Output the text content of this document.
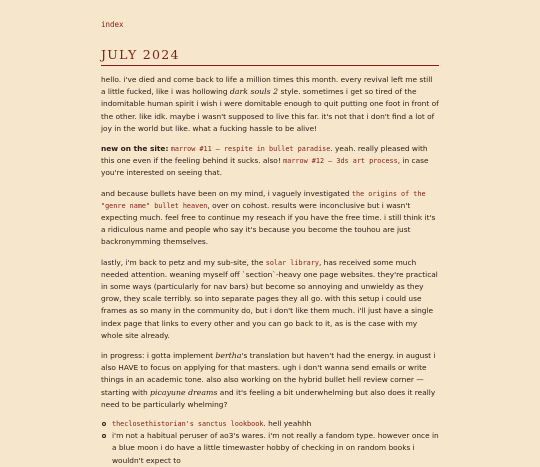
index
JULY 2024

hello. i've died and come back to life a million times this month. every revival left me still a little fucked, like i was hollowing dark souls 2 style. sometimes i get so tired of the indomitable human spirit i wish i were domitable enough to quit putting one foot in front of the other. like idk. maybe i wasn't supposed to live this far. it's not that i don't find a lot of joy in the world but like. what a fucking hassle to be alive!

new on the site: marrow #11 — respite in bullet paradise. yeah. really pleased with this one even if the feeling behind it sucks. also! marrow #12 — 3ds art process, in case you're interested on seeing that.

and because bullets have been on my mind, i vaguely investigated the origins of the "genre name" bullet heaven, over on cohost. results were inconclusive but i wasn't expecting much. feel free to continue my reseach if you have the free time. i still think it's a ridiculous name and people who say it's because you become the touhou are just backronymming themselves.

lastly, i'm back to petz and my sub-site, the solar library, has received some much needed attention. weaning myself off `section`-heavy one page websites. they're practical in some ways (particularly for nav bars) but become so annoying and unwieldy as they grow, they scale terribly. so into separate pages they all go. with this setup i could use frames as so many in the community do, but i don't like them much. i'll just have a single index page that links to every other and you can go back to it, as is the case with my whole site already.

in progress: i gotta implement bertha's translation but haven't had the energy. in august i also HAVE to focus on applying for that masters. ugh i don't wanna send emails or write things in an academic tone. also also working on the hybrid bullet hell review corner — starting with picayune dreams and it's feeling a bit underwhelming but also does it really need to be particularly whelming?

theclosethistorian's sanctus lookbook. hell yeahhh
i'm not a habitual peruser of ao3's wares. i'm not really a fandom type. however once in a blue moon i do have a little timewaster hobby of checking in on random books i wouldn't expect to
